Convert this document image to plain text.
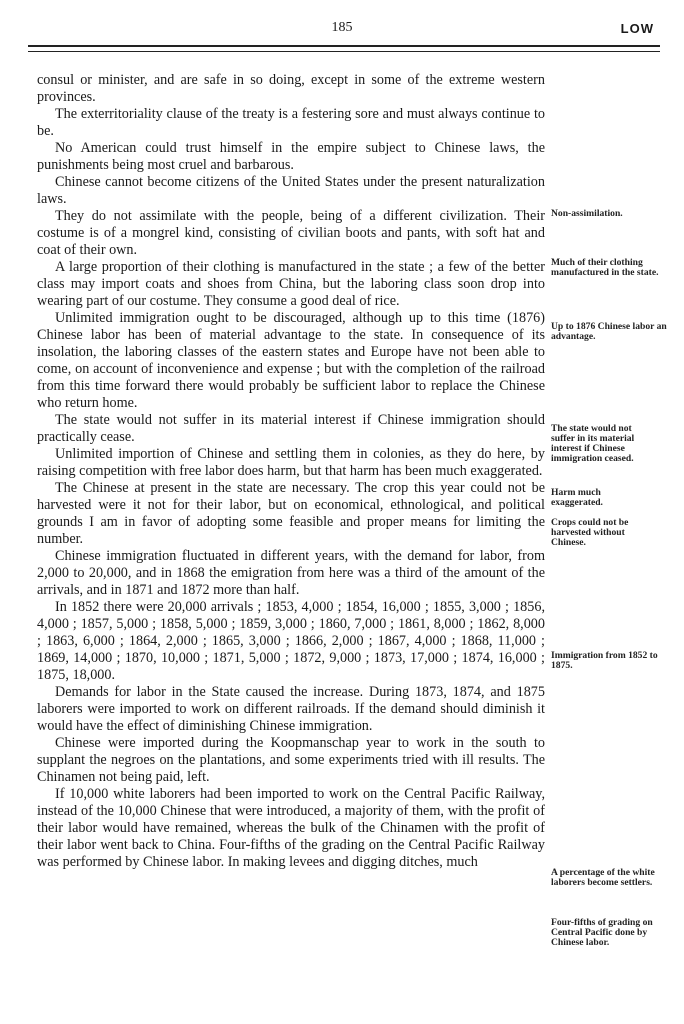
185	LOW

consul or minister, and are safe in so doing, except in some of the extreme western provinces.

The exterritoriality clause of the treaty is a festering sore and must always continue to be.

No American could trust himself in the empire subject to Chinese laws, the punishments being most cruel and barbarous.

Chinese cannot become citizens of the United States under the present naturalization laws.

They do not assimilate with the people, being of a different civilization. Their costume is of a mongrel kind, consisting of civilian boots and pants, with soft hat and coat of their own.

A large proportion of their clothing is manufactured in the state ; a few of the better class may import coats and shoes from China, but the laboring class soon drop into wearing part of our costume. They consume a good deal of rice.

Unlimited immigration ought to be discouraged, although up to this time (1876) Chinese labor has been of material advantage to the state. In consequence of its insolation, the laboring classes of the eastern states and Europe have not been able to come, on account of inconvenience and expense ; but with the completion of the railroad from this time forward there would probably be sufficient labor to replace the Chinese who return home.

The state would not suffer in its material interest if Chinese immigration should practically cease.

Unlimited importion of Chinese and settling them in colonies, as they do here, by raising competition with free labor does harm, but that harm has been much exaggerated.

The Chinese at present in the state are necessary. The crop this year could not be harvested were it not for their labor, but on economical, ethnological, and political grounds I am in favor of adopting some feasible and proper means for limiting the number.

Chinese immigration fluctuated in different years, with the demand for labor, from 2,000 to 20,000, and in 1868 the emigration from here was a third of the amount of the arrivals, and in 1871 and 1872 more than half.

In 1852 there were 20,000 arrivals ; 1853, 4,000 ; 1854, 16,000 ; 1855, 3,000 ; 1856, 4,000 ; 1857, 5,000 ; 1858, 5,000 ; 1859, 3,000 ; 1860, 7,000 ; 1861, 8,000 ; 1862, 8,000 ; 1863, 6,000 ; 1864, 2,000 ; 1865, 3,000 ; 1866, 2,000 ; 1867, 4,000 ; 1868, 11,000 ; 1869, 14,000 ; 1870, 10,000 ; 1871, 5,000 ; 1872, 9,000 ; 1873, 17,000 ; 1874, 16,000 ; 1875, 18,000.

Demands for labor in the State caused the increase. During 1873, 1874, and 1875 laborers were imported to work on different railroads. If the demand should diminish it would have the effect of diminishing Chinese immigration.

Chinese were imported during the Koopmanschap year to work in the south to supplant the negroes on the plantations, and some experiments tried with ill results. The Chinamen not being paid, left.

If 10,000 white laborers had been imported to work on the Central Pacific Railway, instead of the 10,000 Chinese that were introduced, a majority of them, with the profit of their labor would have remained, whereas the bulk of the Chinamen with the profit of their labor went back to China. Four-fifths of the grading on the Central Pacific Railway was performed by Chinese labor. In making levees and digging ditches, much

Non-assimilation.
Much of their clothing manufactured in the state.
Up to 1876 Chinese labor an advantage.
The state would not suffer in its material interest if Chinese immigration ceased.
Harm much exaggerated.
Crops could not be harvested without Chinese.
Immigration from 1852 to 1875.
A percentage of the white laborers become settlers.
Four-fifths of grading on Central Pacific done by Chinese labor.
